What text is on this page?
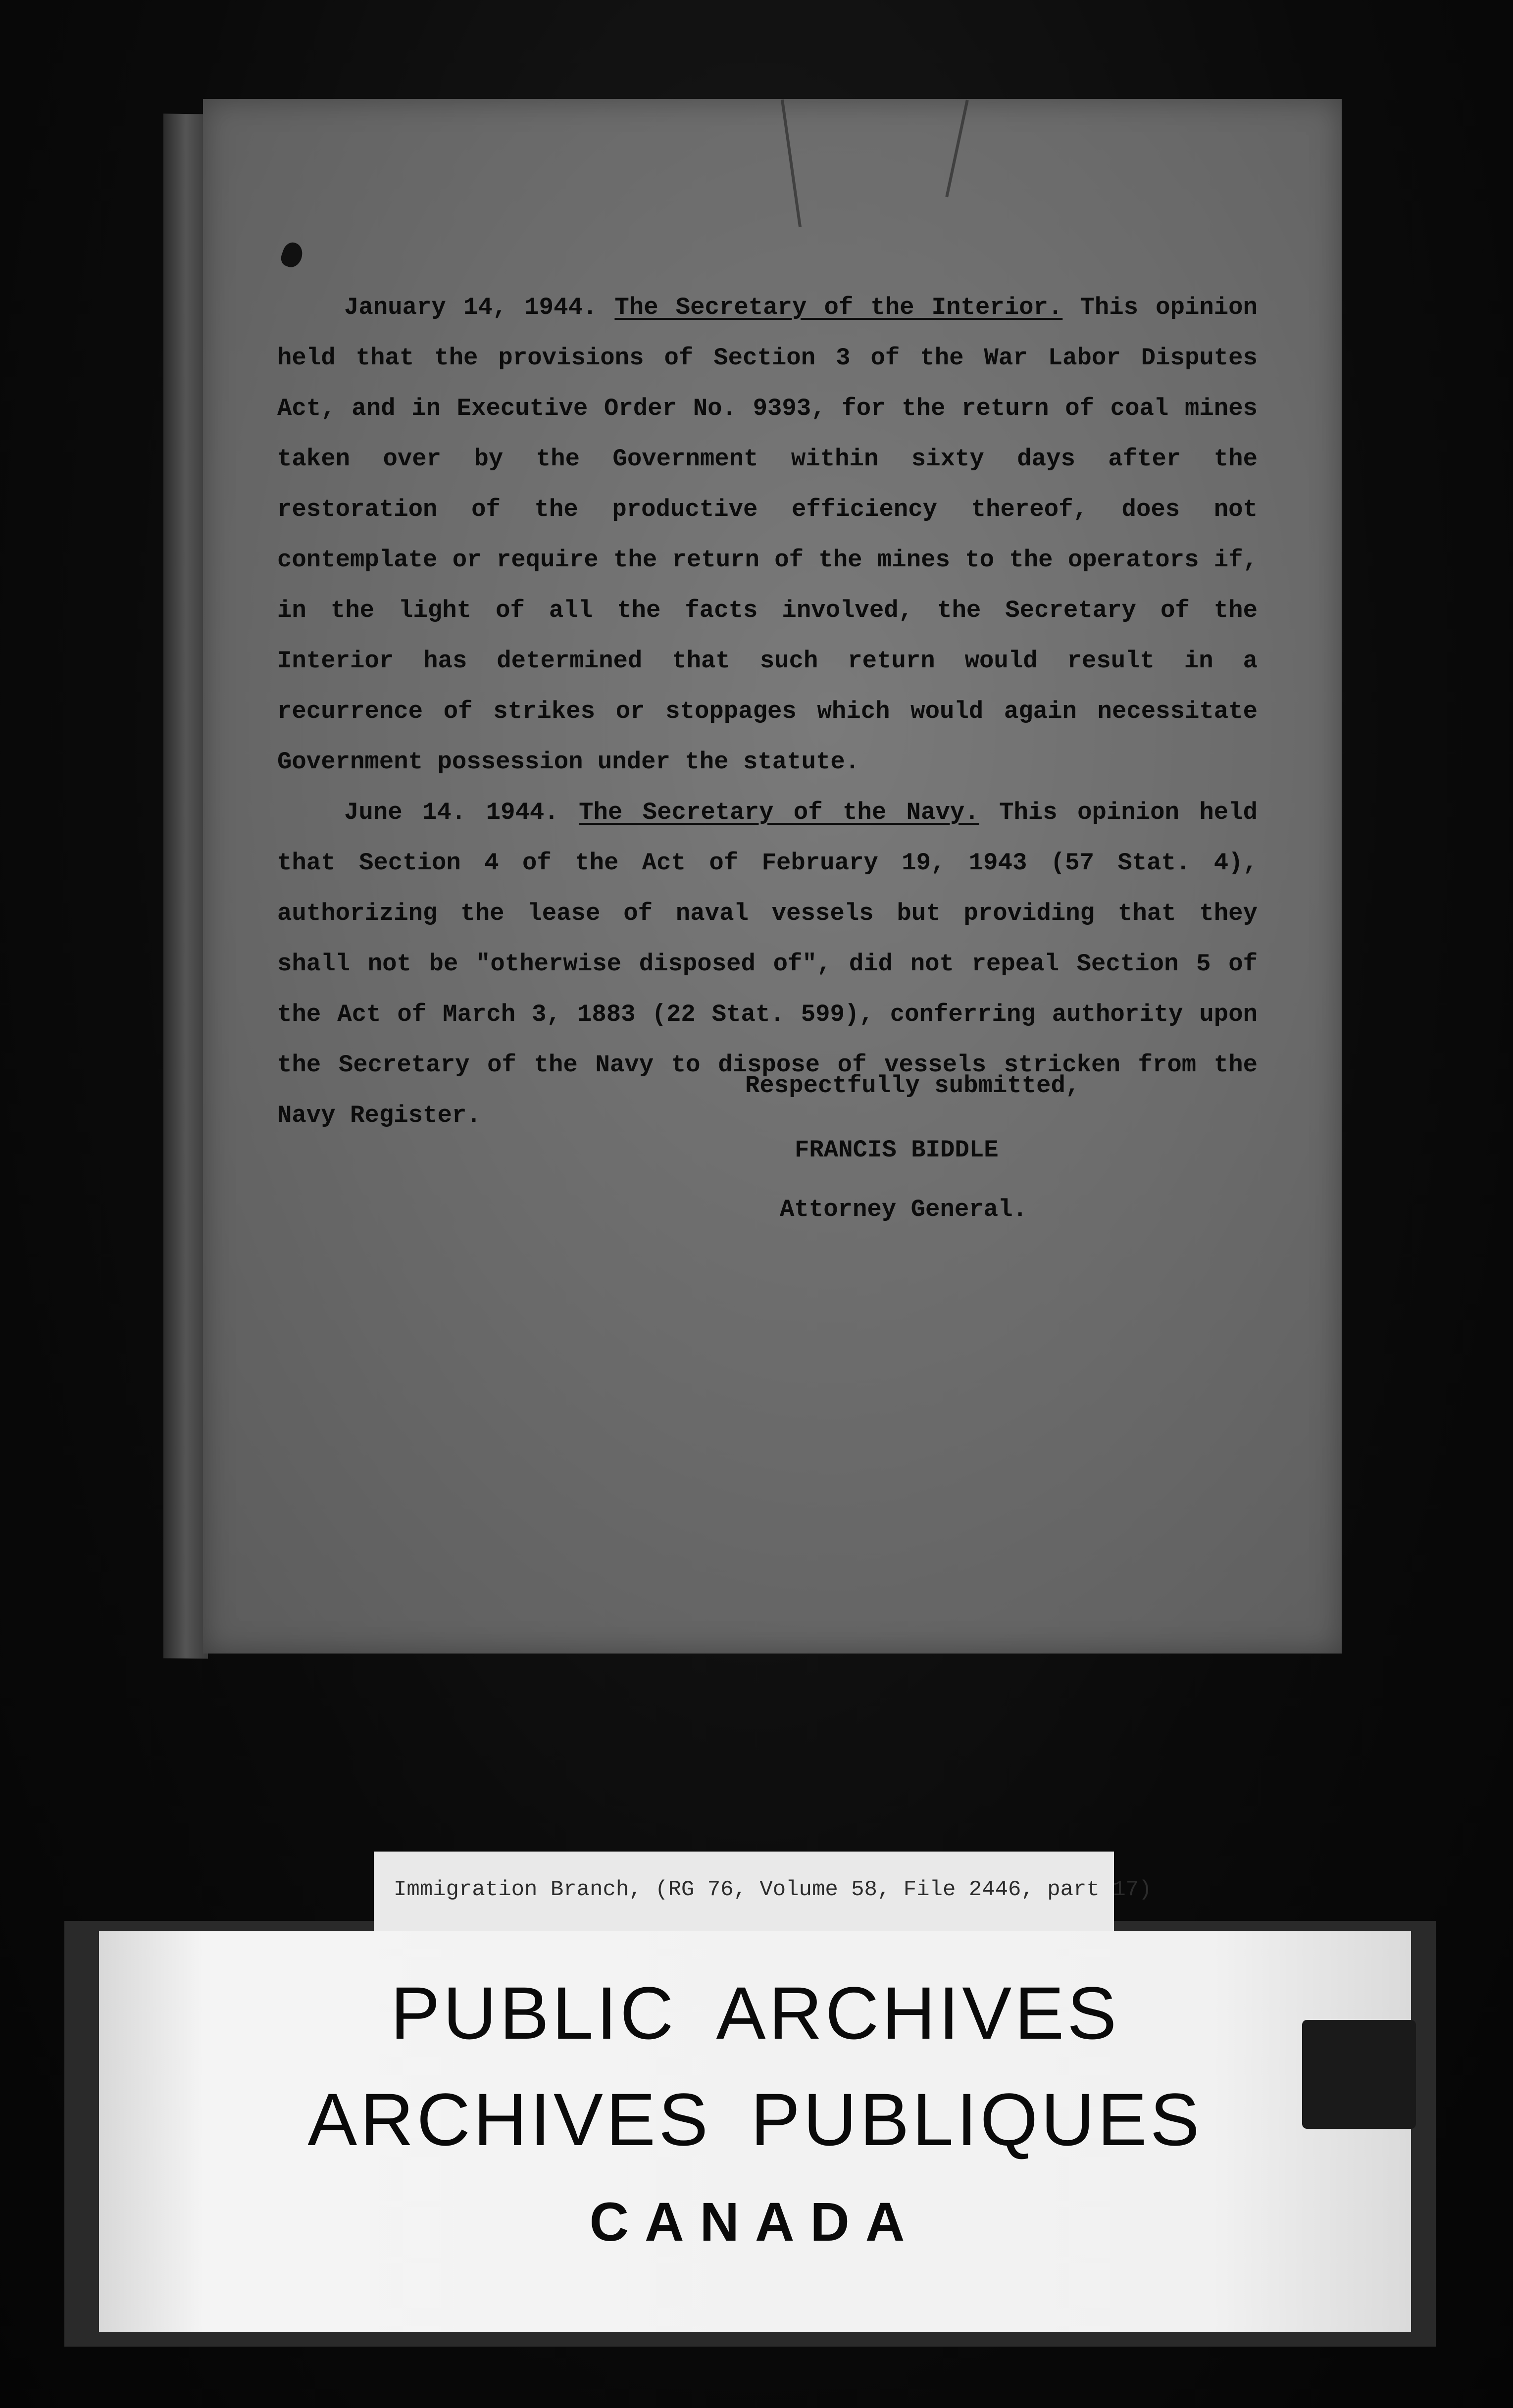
January 14, 1944. The Secretary of the Interior. This opinion held that the provisions of Section 3 of the War Labor Disputes Act, and in Executive Order No. 9393, for the return of coal mines taken over by the Government within sixty days after the restoration of the productive efficiency thereof, does not contemplate or require the return of the mines to the operators if, in the light of all the facts involved, the Secretary of the Interior has determined that such return would result in a recurrence of strikes or stoppages which would again necessitate Government possession under the statute.

June 14. 1944. The Secretary of the Navy. This opinion held that Section 4 of the Act of February 19, 1943 (57 Stat. 4), authorizing the lease of naval vessels but providing that they shall not be "otherwise disposed of", did not repeal Section 5 of the Act of March 3, 1883 (22 Stat. 599), conferring authority upon the Secretary of the Navy to dispose of vessels stricken from the Navy Register.

Respectfully submitted,
FRANCIS BIDDLE
Attorney General.
Immigration Branch, (RG 76, Volume 58, File 2446, part 17)
PUBLIC ARCHIVES
ARCHIVES PUBLIQUES
CANADA
